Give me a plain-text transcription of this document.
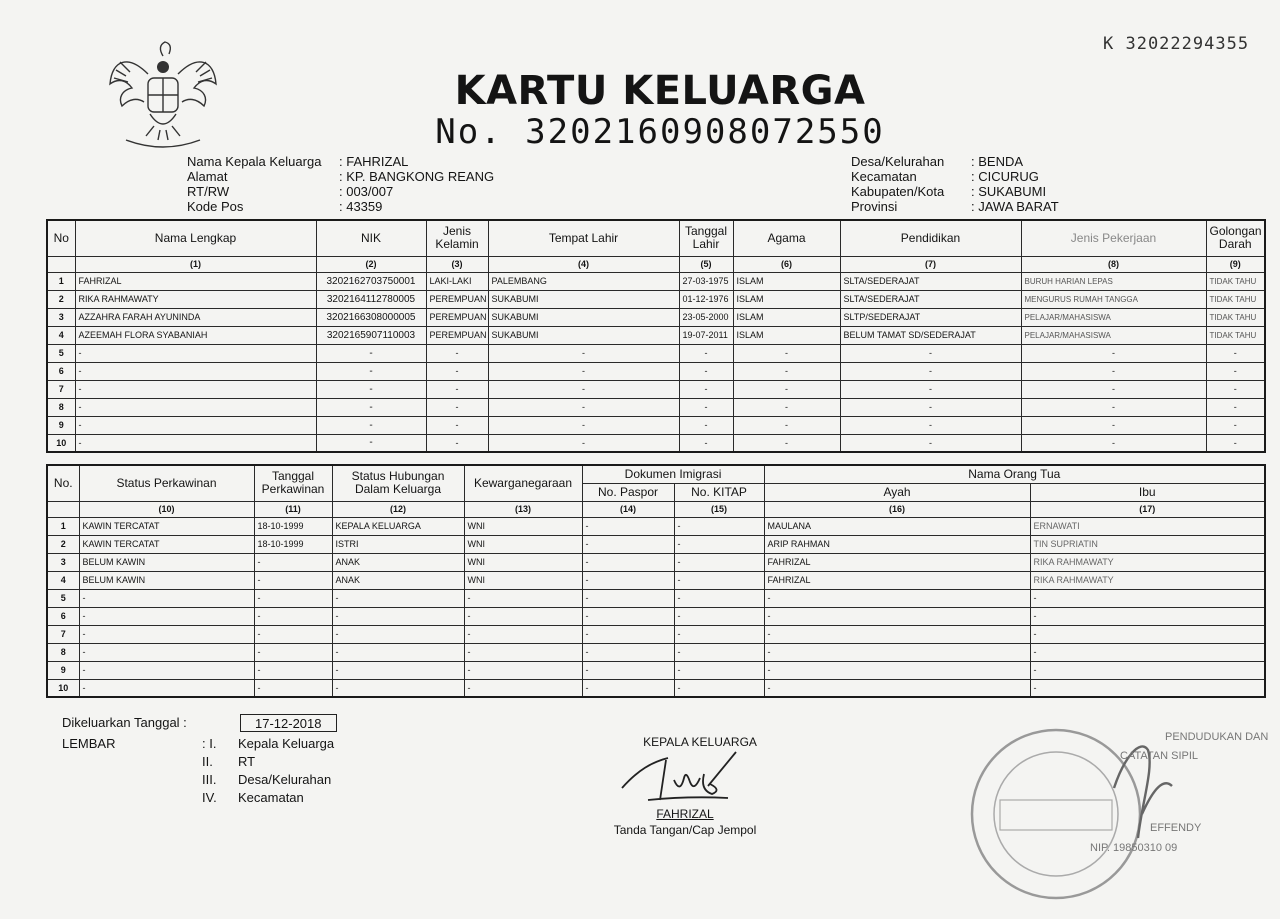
K 32022294355
KARTU KELUARGA
No. 3202160908072550
Nama Kepala Keluarga	: FAHRIZAL
Alamat	: KP. BANGKONG REANG
RT/RW	: 003/007
Kode Pos	: 43359
Desa/Kelurahan	: BENDA
Kecamatan	: CICURUG
Kabupaten/Kota	: SUKABUMI
Provinsi	: JAWA BARAT
No	Nama Lengkap	NIK	Jenis Kelamin	Tempat Lahir	Tanggal Lahir	Agama	Pendidikan	Jenis Pekerjaan	Golongan Darah
	(1)	(2)	(3)	(4)	(5)	(6)	(7)	(8)	(9)
1	FAHRIZAL	3202162703750001	LAKI-LAKI	PALEMBANG	27-03-1975	ISLAM	SLTA/SEDERAJAT	BURUH HARIAN LEPAS	TIDAK TAHU
2	RIKA RAHMAWATY	3202164112780005	PEREMPUAN	SUKABUMI	01-12-1976	ISLAM	SLTA/SEDERAJAT	MENGURUS RUMAH TANGGA	TIDAK TAHU
3	AZZAHRA FARAH AYUNINDA	3202166308000005	PEREMPUAN	SUKABUMI	23-05-2000	ISLAM	SLTP/SEDERAJAT	PELAJAR/MAHASISWA	TIDAK TAHU
4	AZEEMAH FLORA SYABANIAH	3202165907110003	PEREMPUAN	SUKABUMI	19-07-2011	ISLAM	BELUM TAMAT SD/SEDERAJAT	PELAJAR/MAHASISWA	TIDAK TAHU
5	-	-	-	-	-	-	-	-	-
6	-	-	-	-	-	-	-	-	-
7	-	-	-	-	-	-	-	-	-
8	-	-	-	-	-	-	-	-	-
9	-	-	-	-	-	-	-	-	-
10	-	-	-	-	-	-	-	-	-
No.	Status Perkawinan	Tanggal Perkawinan	Status Hubungan Dalam Keluarga	Kewarganegaraan	Dokumen Imigrasi		Nama Orang Tua	
					No. Paspor	No. KITAP	Ayah	Ibu
	(10)	(11)	(12)	(13)	(14)	(15)	(16)	(17)
1	KAWIN TERCATAT	18-10-1999	KEPALA KELUARGA	WNI	-	-	MAULANA	ERNAWATI
2	KAWIN TERCATAT	18-10-1999	ISTRI	WNI	-	-	ARIP RAHMAN	TIN SUPRIATIN
3	BELUM KAWIN	-	ANAK	WNI	-	-	FAHRIZAL	RIKA RAHMAWATY
4	BELUM KAWIN	-	ANAK	WNI	-	-	FAHRIZAL	RIKA RAHMAWATY
5	-	-	-	-	-	-	-	-
6	-	-	-	-	-	-	-	-
7	-	-	-	-	-	-	-	-
8	-	-	-	-	-	-	-	-
9	-	-	-	-	-	-	-	-
10	-	-	-	-	-	-	-	-
Dikeluarkan Tanggal :	17-12-2018
LEMBAR	: I.	Kepala Keluarga
II.	RT
III.	Desa/Kelurahan
IV.	Kecamatan
KEPALA KELUARGA
FAHRIZAL
Tanda Tangan/Cap Jempol
PENDUDUKAN DAN
CATATAN SIPIL
EFFENDY
NIP. 19850310 09
